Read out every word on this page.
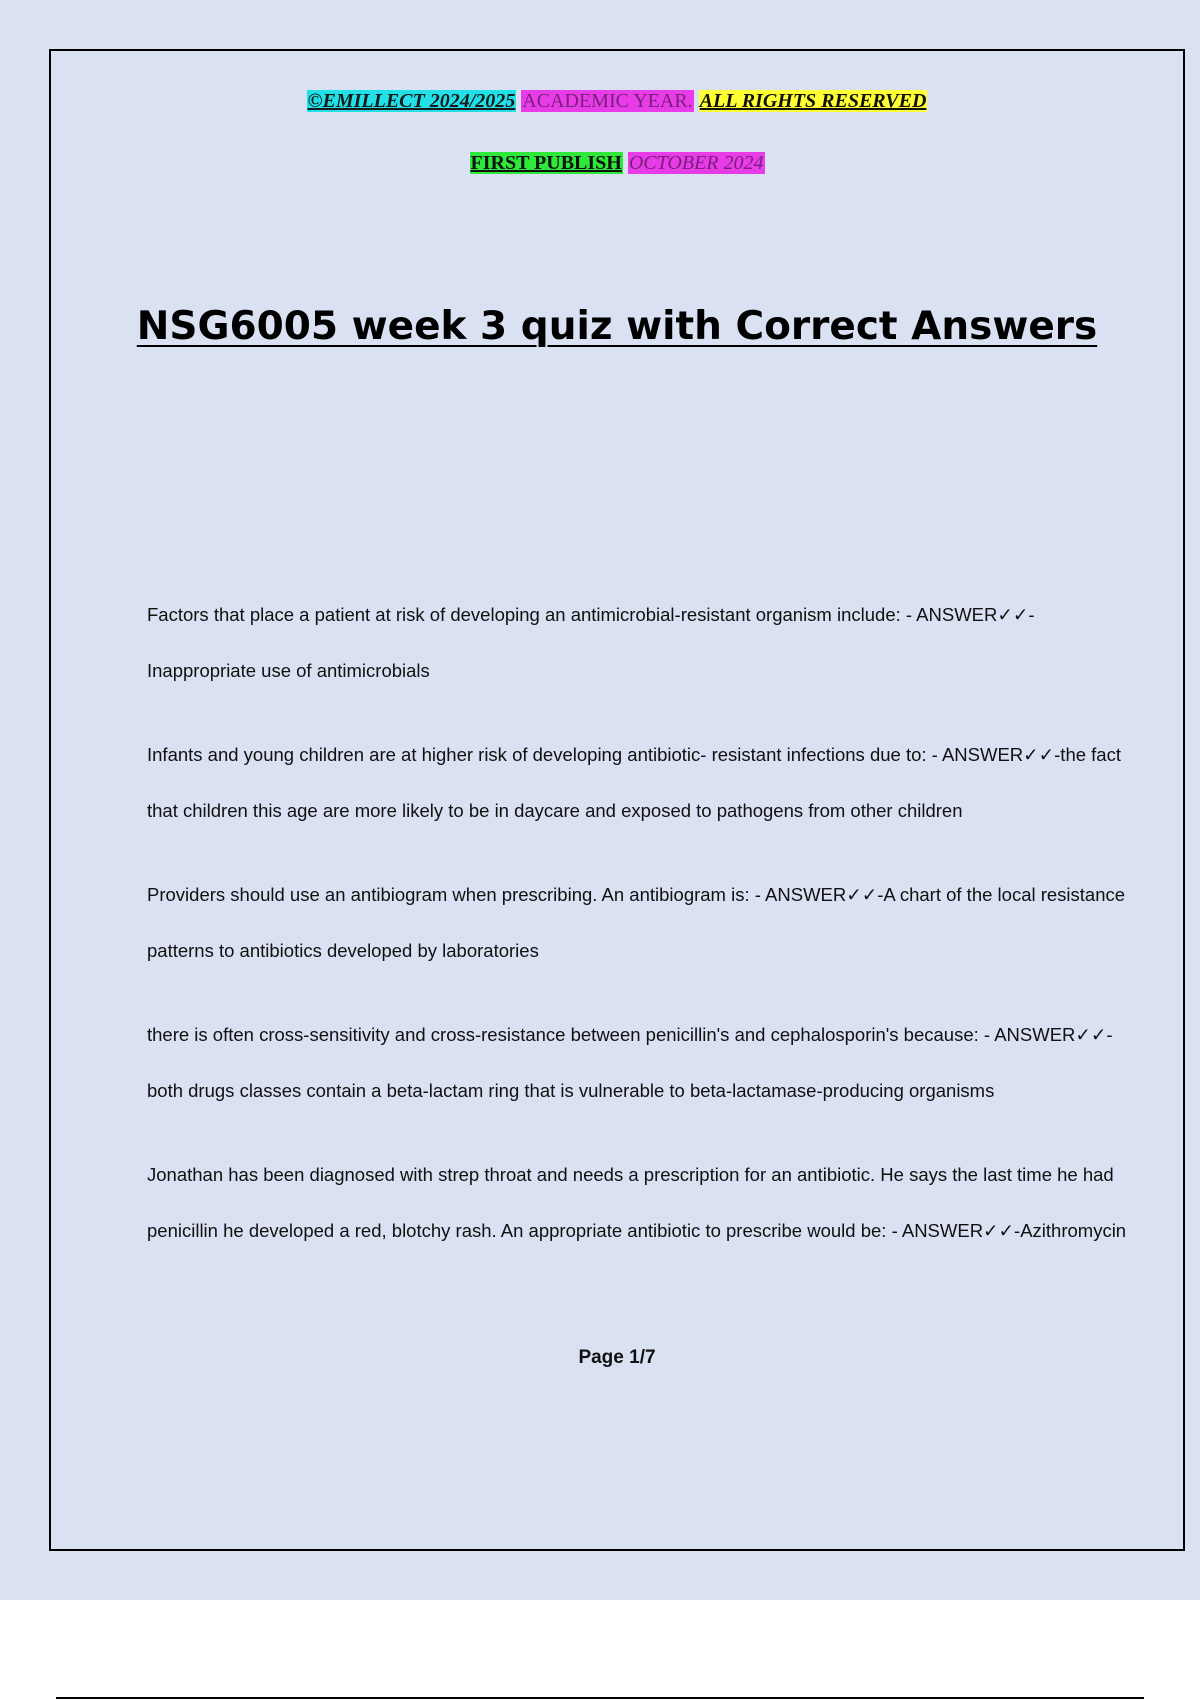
©EMILLECT 2024/2025 ACADEMIC YEAR. ALL RIGHTS RESERVED
FIRST PUBLISH OCTOBER 2024
NSG6005 week 3 quiz with Correct Answers

Factors that place a patient at risk of developing an antimicrobial-resistant organism include: - ANSWER✓✓-Inappropriate use of antimicrobials

Infants and young children are at higher risk of developing antibiotic- resistant infections due to: - ANSWER✓✓-the fact that children this age are more likely to be in daycare and exposed to pathogens from other children

Providers should use an antibiogram when prescribing. An antibiogram is: - ANSWER✓✓-A chart of the local resistance patterns to antibiotics developed by laboratories

there is often cross-sensitivity and cross-resistance between penicillin's and cephalosporin's because: - ANSWER✓✓-both drugs classes contain a beta-lactam ring that is vulnerable to beta-lactamase-producing organisms

Jonathan has been diagnosed with strep throat and needs a prescription for an antibiotic. He says the last time he had penicillin he developed a red, blotchy rash. An appropriate antibiotic to prescribe would be: - ANSWER✓✓-Azithromycin

Page 1/7
